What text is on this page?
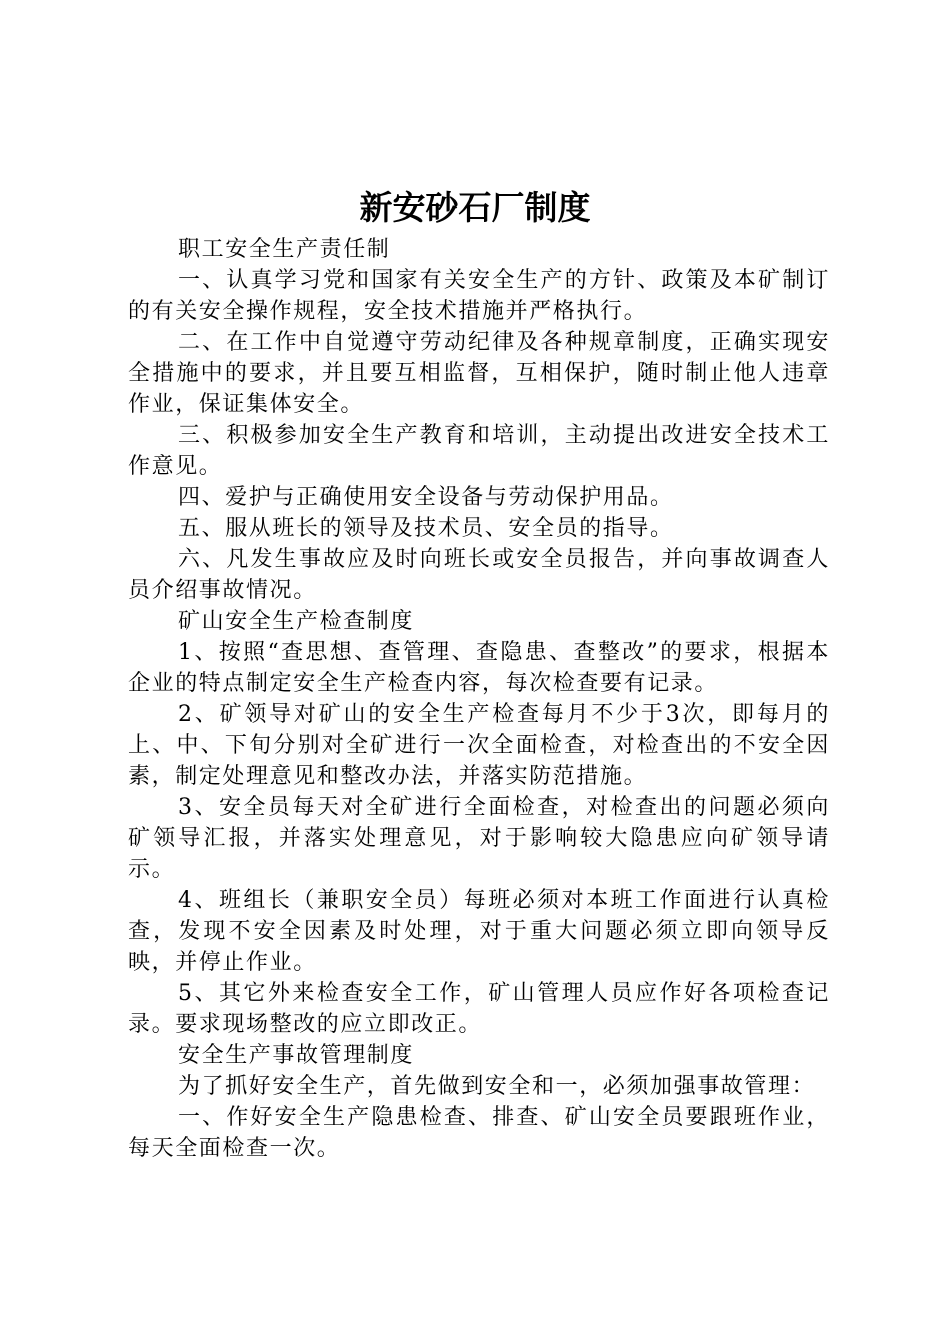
新安砂石厂制度

职工安全生产责任制

一、认真学习党和国家有关安全生产的方针、政策及本矿制订的有关安全操作规程，安全技术措施并严格执行。

二、在工作中自觉遵守劳动纪律及各种规章制度，正确实现安全措施中的要求，并且要互相监督，互相保护，随时制止他人违章作业，保证集体安全。

三、积极参加安全生产教育和培训，主动提出改进安全技术工作意见。

四、爱护与正确使用安全设备与劳动保护用品。

五、服从班长的领导及技术员、安全员的指导。

六、凡发生事故应及时向班长或安全员报告，并向事故调查人员介绍事故情况。

矿山安全生产检查制度

1、按照“查思想、查管理、查隐患、查整改”的要求，根据本企业的特点制定安全生产检查内容，每次检查要有记录。

2、矿领导对矿山的安全生产检查每月不少于3次，即每月的上、中、下旬分别对全矿进行一次全面检查，对检查出的不安全因素，制定处理意见和整改办法，并落实防范措施。

3、安全员每天对全矿进行全面检查，对检查出的问题必须向矿领导汇报，并落实处理意见，对于影响较大隐患应向矿领导请示。

4、班组长（兼职安全员）每班必须对本班工作面进行认真检查，发现不安全因素及时处理，对于重大问题必须立即向领导反映，并停止作业。

5、其它外来检查安全工作，矿山管理人员应作好各项检查记录。要求现场整改的应立即改正。

安全生产事故管理制度

为了抓好安全生产，首先做到安全和一，必须加强事故管理：

一、作好安全生产隐患检查、排查、矿山安全员要跟班作业，每天全面检查一次。
